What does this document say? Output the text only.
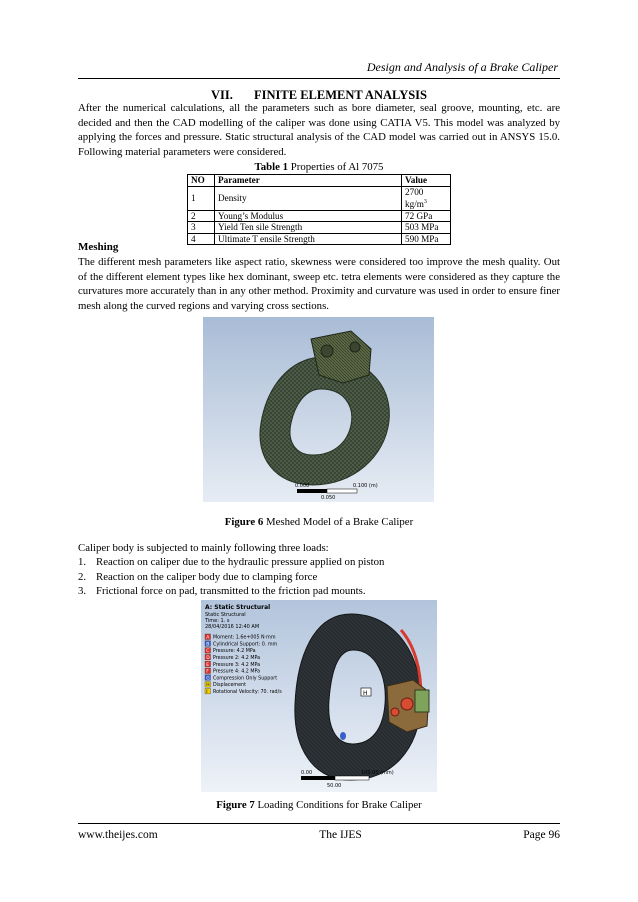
Design and Analysis of a Brake Caliper
VII. FINITE ELEMENT ANALYSIS

After the numerical calculations, all the parameters such as bore diameter, seal groove, mounting, etc. are decided and then the CAD modelling of the caliper was done using CATIA V5. This model was analyzed by applying the forces and pressure. Static structural analysis of the CAD model was carried out in ANSYS 15.0. Following material parameters were considered.

Table 1 Properties of Al 7075
NO	Parameter	Value
1	Density	2700 $kg/m^3$
2	Young’s Modulus	72 GPa
3	Yield Ten sile Strength	503 MPa
4	Ultimate T ensile Strength	590 MPa
Meshing

The different mesh parameters like aspect ratio, skewness were considered too improve the mesh quality. Out of the different element types like hex dominant, sweep etc. tetra elements were considered as they capture the curvatures more accurately than in any other method. Proximity and curvature was used in order to ensure finer mesh along the curved regions and varying cross sections.

0.000	0.100 (m)
0.050
Figure 6 Meshed Model of a Brake Caliper

Caliper body is subjected to mainly following three loads:

1. Reaction on caliper due to the hydraulic pressure applied on piston
2. Reaction on the caliper body due to clamping force
3. Frictional force on pad, transmitted to the friction pad mounts.
H
A: Static Structural
Static Structural
Time: 1. s
28/04/2016 12:40 AM
A Moment: 1.6e+005 N·mm
B Cylindrical Support: 0. mm
C Pressure: 4.2 MPa
D Pressure 2: 4.2 MPa
E Pressure 3: 4.2 MPa
F Pressure 4: 4.2 MPa
G Compression Only Support
H Displacement
I Rotational Velocity: 70. rad/s
0.00	100.00 (mm)
50.00
Figure 7 Loading Conditions for Brake Caliper
www.theijes.com	The IJES	Page 96
